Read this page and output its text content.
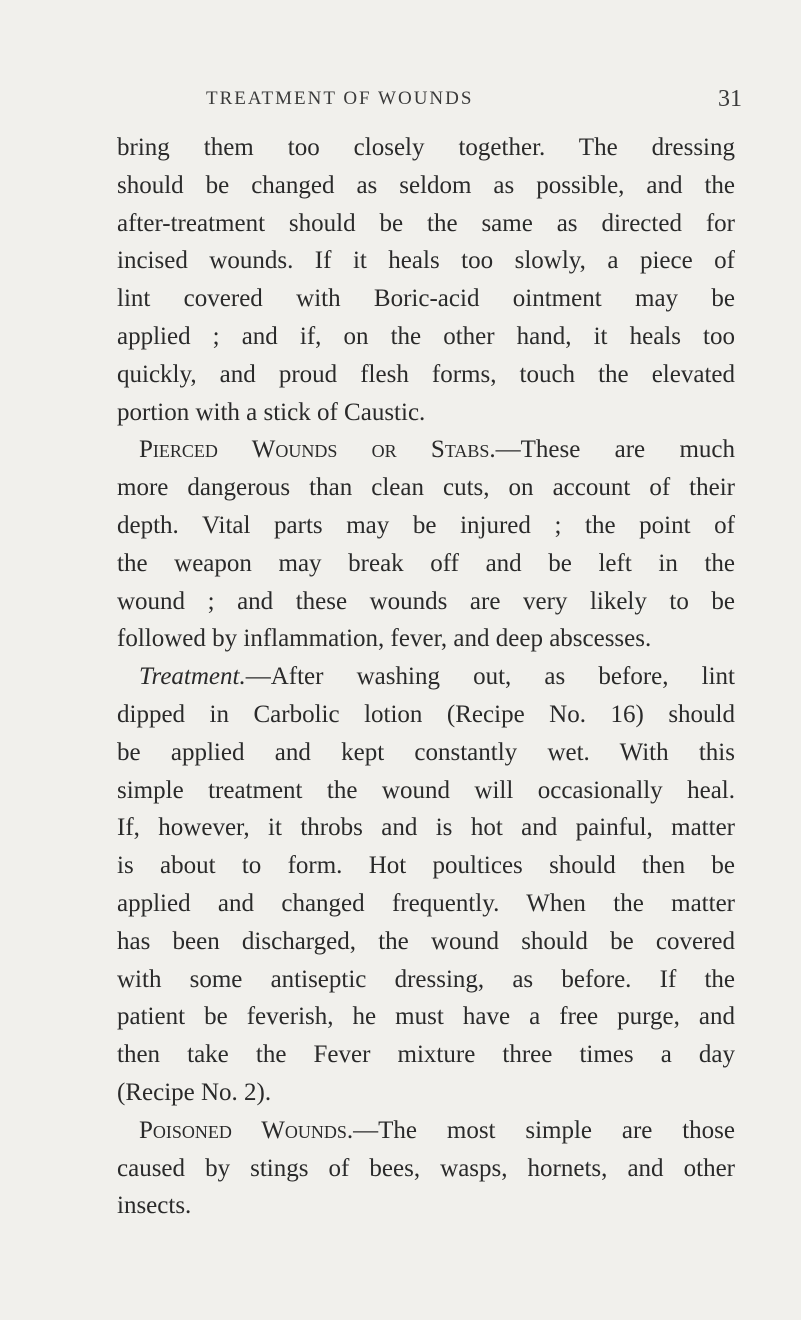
TREATMENT OF WOUNDS	31
bring them too closely together. The dressing
should be changed as seldom as possible, and the
after-treatment should be the same as directed for
incised wounds. If it heals too slowly, a piece of
lint covered with Boric-acid ointment may be
applied ; and if, on the other hand, it heals too
quickly, and proud flesh forms, touch the elevated
portion with a stick of Caustic.
Pierced Wounds or Stabs.—These are much
more dangerous than clean cuts, on account of their
depth. Vital parts may be injured ; the point of
the weapon may break off and be left in the
wound ; and these wounds are very likely to be
followed by inflammation, fever, and deep abscesses.
Treatment.—After washing out, as before, lint
dipped in Carbolic lotion (Recipe No. 16) should
be applied and kept constantly wet. With this
simple treatment the wound will occasionally heal.
If, however, it throbs and is hot and painful, matter
is about to form. Hot poultices should then be
applied and changed frequently. When the matter
has been discharged, the wound should be covered
with some antiseptic dressing, as before. If the
patient be feverish, he must have a free purge, and
then take the Fever mixture three times a day
(Recipe No. 2).
Poisoned Wounds.—The most simple are those
caused by stings of bees, wasps, hornets, and other
insects.
